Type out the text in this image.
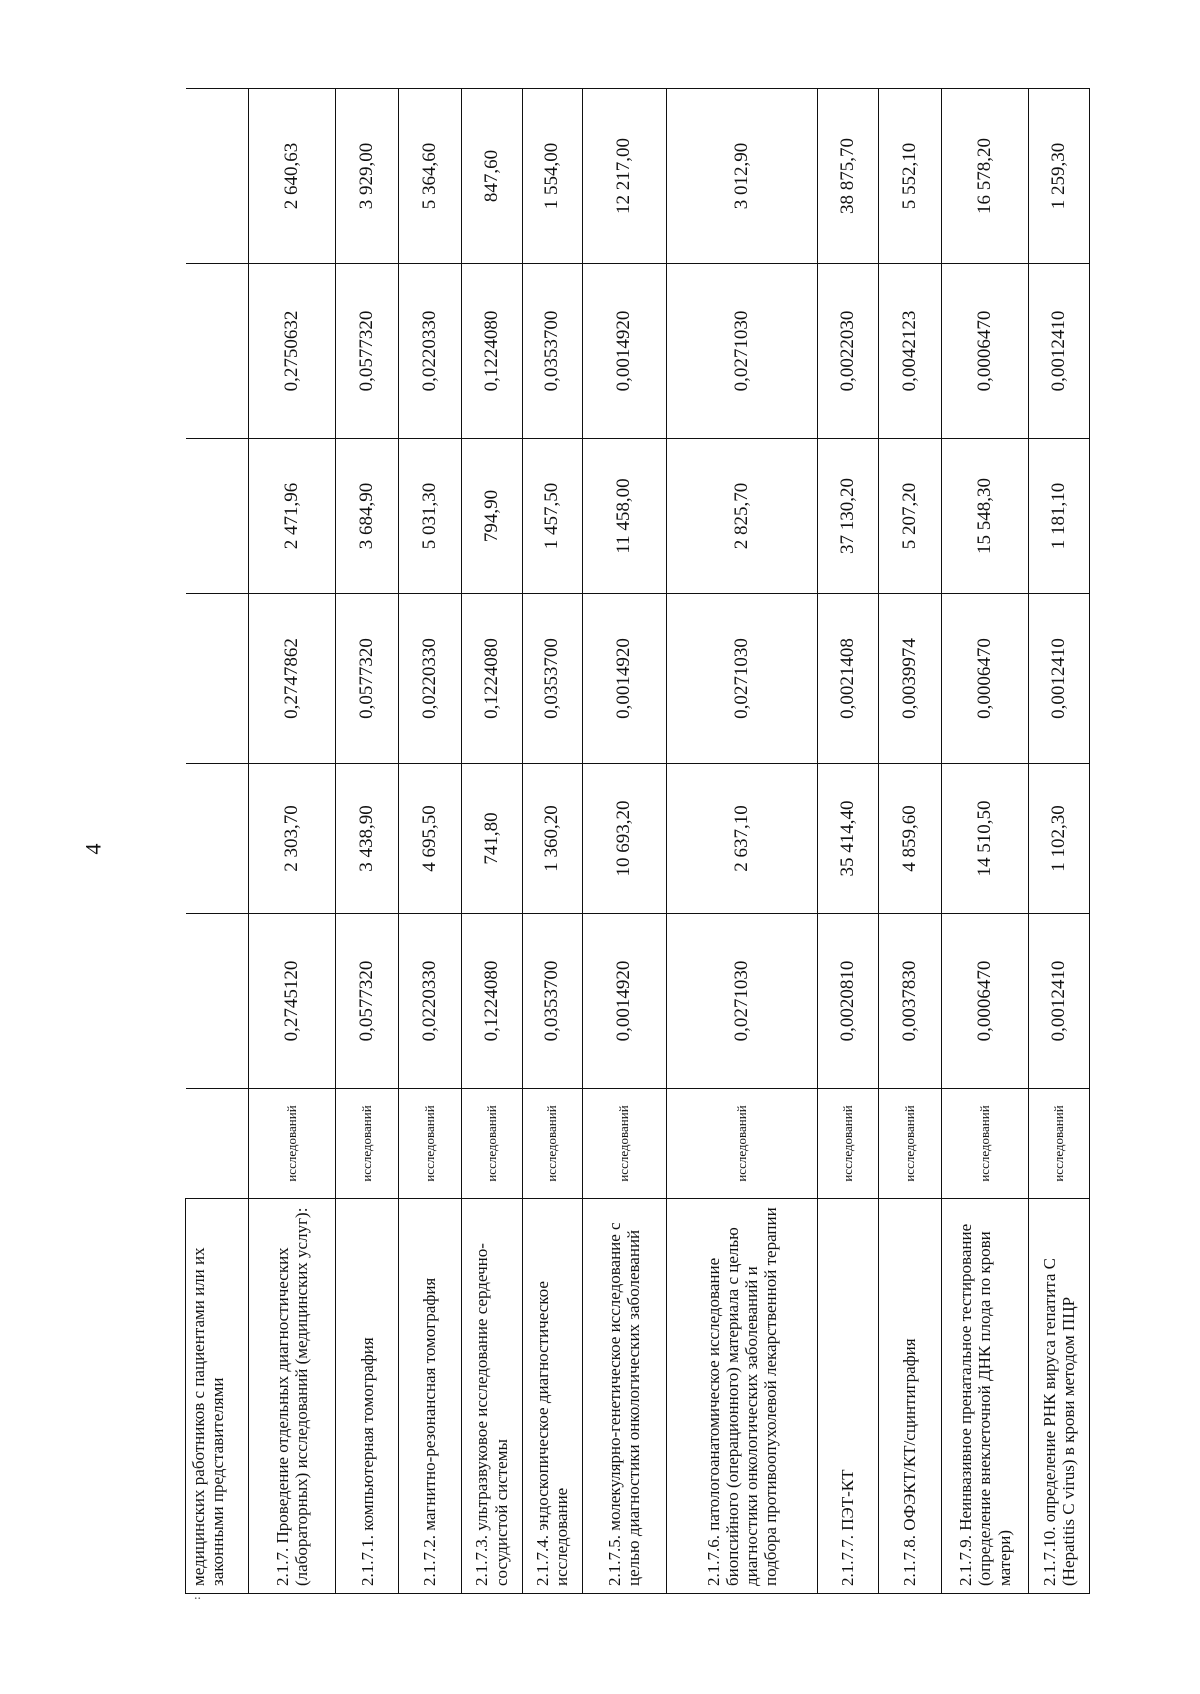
4
..
медицинских работников с пациентами или их законными представителями							
2.1.7. Проведение отдельных диагностических (лабораторных) исследований (медицинских услуг):	исследований	0,2745120	2 303,70	0,2747862	2 471,96	0,2750632	2 640,63
2.1.7.1. компьютерная томография	исследований	0,0577320	3 438,90	0,0577320	3 684,90	0,0577320	3 929,00
2.1.7.2. магнитно-резонансная томография	исследований	0,0220330	4 695,50	0,0220330	5 031,30	0,0220330	5 364,60
2.1.7.3. ультразвуковое исследование сердечно-сосудистой системы	исследований	0,1224080	741,80	0,1224080	794,90	0,1224080	847,60
2.1.7.4. эндоскопическое диагностическое исследование	исследований	0,0353700	1 360,20	0,0353700	1 457,50	0,0353700	1 554,00
2.1.7.5. молекулярно-генетическое исследование с целью диагностики онкологических заболеваний	исследований	0,0014920	10 693,20	0,0014920	11 458,00	0,0014920	12 217,00
2.1.7.6. патологоанатомическое исследование биопсийного (операционного) материала с целью диагностики онкологических заболеваний и подбора противоопухолевой лекарственной терапии	исследований	0,0271030	2 637,10	0,0271030	2 825,70	0,0271030	3 012,90
2.1.7.7. ПЭТ-КТ	исследований	0,0020810	35 414,40	0,0021408	37 130,20	0,0022030	38 875,70
2.1.7.8. ОФЭКТ/КТ/сцинтиграфия	исследований	0,0037830	4 859,60	0,0039974	5 207,20	0,0042123	5 552,10
2.1.7.9. Неинвазивное пренатальное тестирование (определение внеклеточной ДНК плода по крови матери)	исследований	0,0006470	14 510,50	0,0006470	15 548,30	0,0006470	16 578,20
2.1.7.10. определение РНК вируса гепатита С (Hepatitis C virus) в крови методом ПЦР	исследований	0,0012410	1 102,30	0,0012410	1 181,10	0,0012410	1 259,30
